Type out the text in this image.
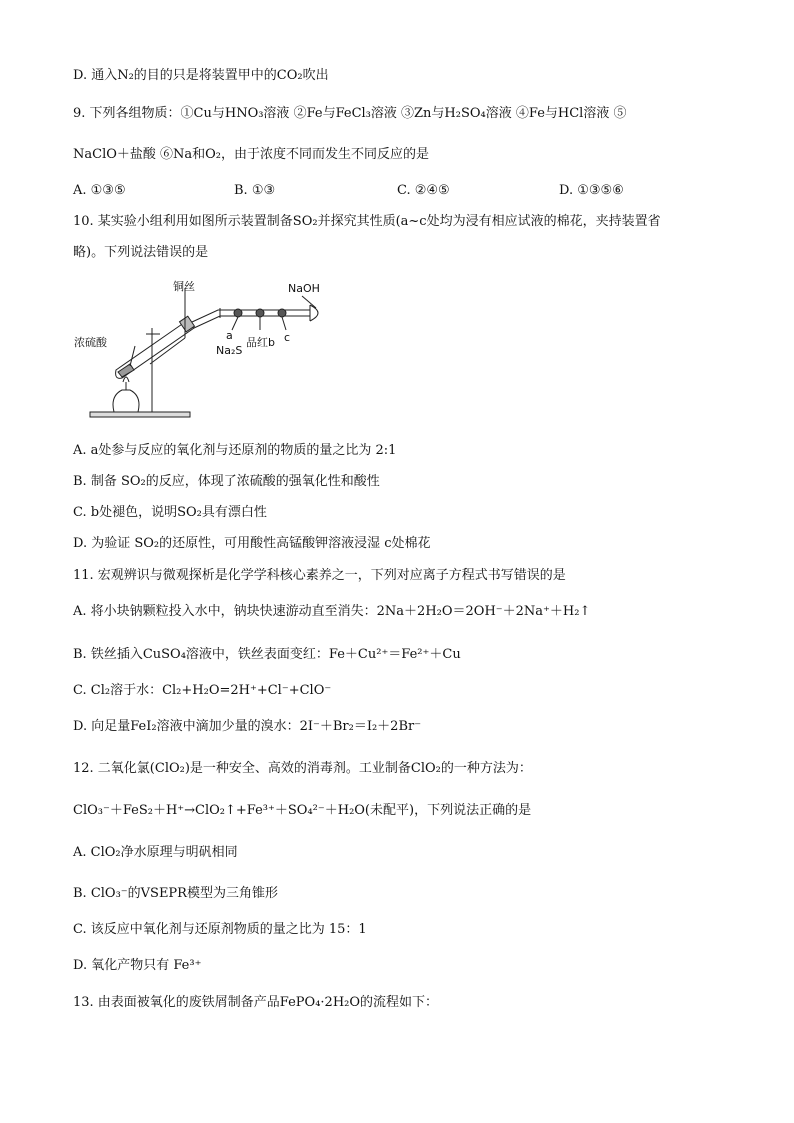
D. 通入N₂的目的只是将装置甲中的CO₂吹出
9. 下列各组物质：①Cu与HNO₃溶液 ②Fe与FeCl₃溶液 ③Zn与H₂SO₄溶液 ④Fe与HCl溶液 ⑤
NaClO＋盐酸 ⑥Na和O₂，由于浓度不同而发生不同反应的是
A. ①③⑤	B. ①③	C. ②④⑤	D. ①③⑤⑥
10. 某实验小组利用如图所示装置制备SO₂并探究其性质(a~c处均为浸有相应试液的棉花，夹持装置省
略)。下列说法错误的是
铜丝	NaOH
浓硫酸
a
Na₂S
品红b c
A. a处参与反应的氧化剂与还原剂的物质的量之比为 2:1
B. 制备 SO₂的反应，体现了浓硫酸的强氧化性和酸性
C. b处褪色，说明SO₂具有漂白性
D. 为验证 SO₂的还原性，可用酸性高锰酸钾溶液浸湿 c处棉花
11. 宏观辨识与微观探析是化学学科核心素养之一，下列对应离子方程式书写错误的是
A. 将小块钠颗粒投入水中，钠块快速游动直至消失：2Na＋2H₂O＝2OH⁻＋2Na⁺＋H₂↑
B. 铁丝插入CuSO₄溶液中，铁丝表面变红：Fe＋Cu²⁺＝Fe²⁺＋Cu
C. Cl₂溶于水：Cl₂+H₂O=2H⁺+Cl⁻+ClO⁻
D. 向足量FeI₂溶液中滴加少量的溴水：2I⁻＋Br₂＝I₂＋2Br⁻
12. 二氧化氯(ClO₂)是一种安全、高效的消毒剂。工业制备ClO₂的一种方法为：
ClO₃⁻＋FeS₂＋H⁺→ClO₂↑+Fe³⁺＋SO₄²⁻＋H₂O(未配平)，下列说法正确的是
A. ClO₂净水原理与明矾相同
B. ClO₃⁻的VSEPR模型为三角锥形
C. 该反应中氧化剂与还原剂物质的量之比为 15：1
D. 氧化产物只有 Fe³⁺
13. 由表面被氧化的废铁屑制备产品FePO₄·2H₂O的流程如下：
